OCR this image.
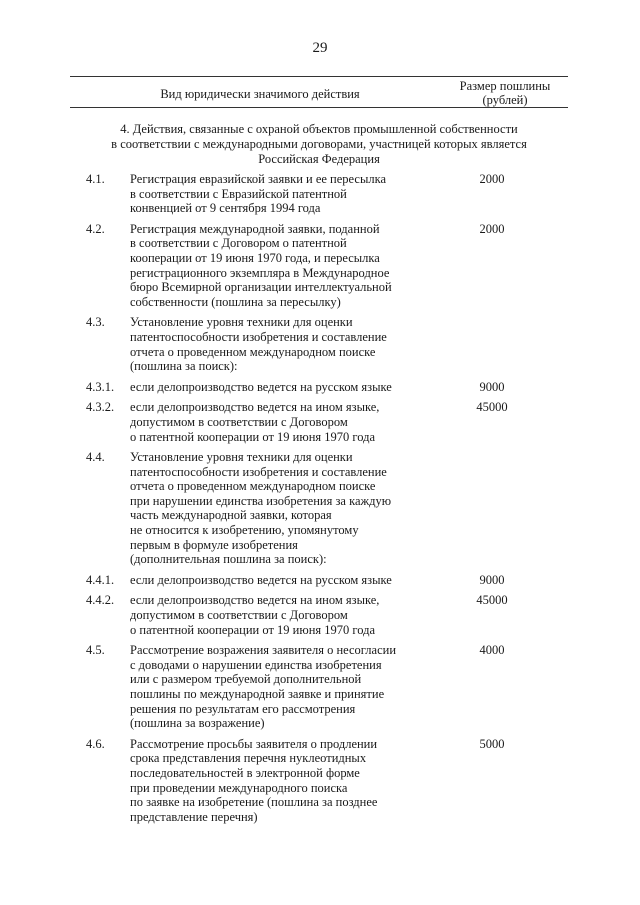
29
Вид юридически значимого действия
Размер пошлины
(рублей)
4. Действия, связанные с охраной объектов промышленной собственности
в соответствии с международными договорами, участницей которых является
Российская Федерация
4.1.	Регистрация евразийской заявки и ее пересылка
в соответствии с Евразийской патентной
конвенцией от 9 сентября 1994 года
2000
4.2.	Регистрация международной заявки, поданной
в соответствии с Договором о патентной
кооперации от 19 июня 1970 года, и пересылка
регистрационного экземпляра в Международное
бюро Всемирной организации интеллектуальной
собственности (пошлина за пересылку)
2000
4.3.	Установление уровня техники для оценки
патентоспособности изобретения и составление
отчета о проведенном международном поиске
(пошлина за поиск):
4.3.1.	если делопроизводство ведется на русском языке	9000
4.3.2.	если делопроизводство ведется на ином языке,
допустимом в соответствии с Договором
о патентной кооперации от 19 июня 1970 года
45000
4.4.	Установление уровня техники для оценки
патентоспособности изобретения и составление
отчета о проведенном международном поиске
при нарушении единства изобретения за каждую
часть международной заявки, которая
не относится к изобретению, упомянутому
первым в формуле изобретения
(дополнительная пошлина за поиск):
4.4.1.	если делопроизводство ведется на русском языке	9000
4.4.2.	если делопроизводство ведется на ином языке,
допустимом в соответствии с Договором
о патентной кооперации от 19 июня 1970 года
45000
4.5.	Рассмотрение возражения заявителя о несогласии
с доводами о нарушении единства изобретения
или с размером требуемой дополнительной
пошлины по международной заявке и принятие
решения по результатам его рассмотрения
(пошлина за возражение)
4000
4.6.	Рассмотрение просьбы заявителя о продлении
срока представления перечня нуклеотидных
последовательностей в электронной форме
при проведении международного поиска
по заявке на изобретение (пошлина за позднее
представление перечня)
5000
